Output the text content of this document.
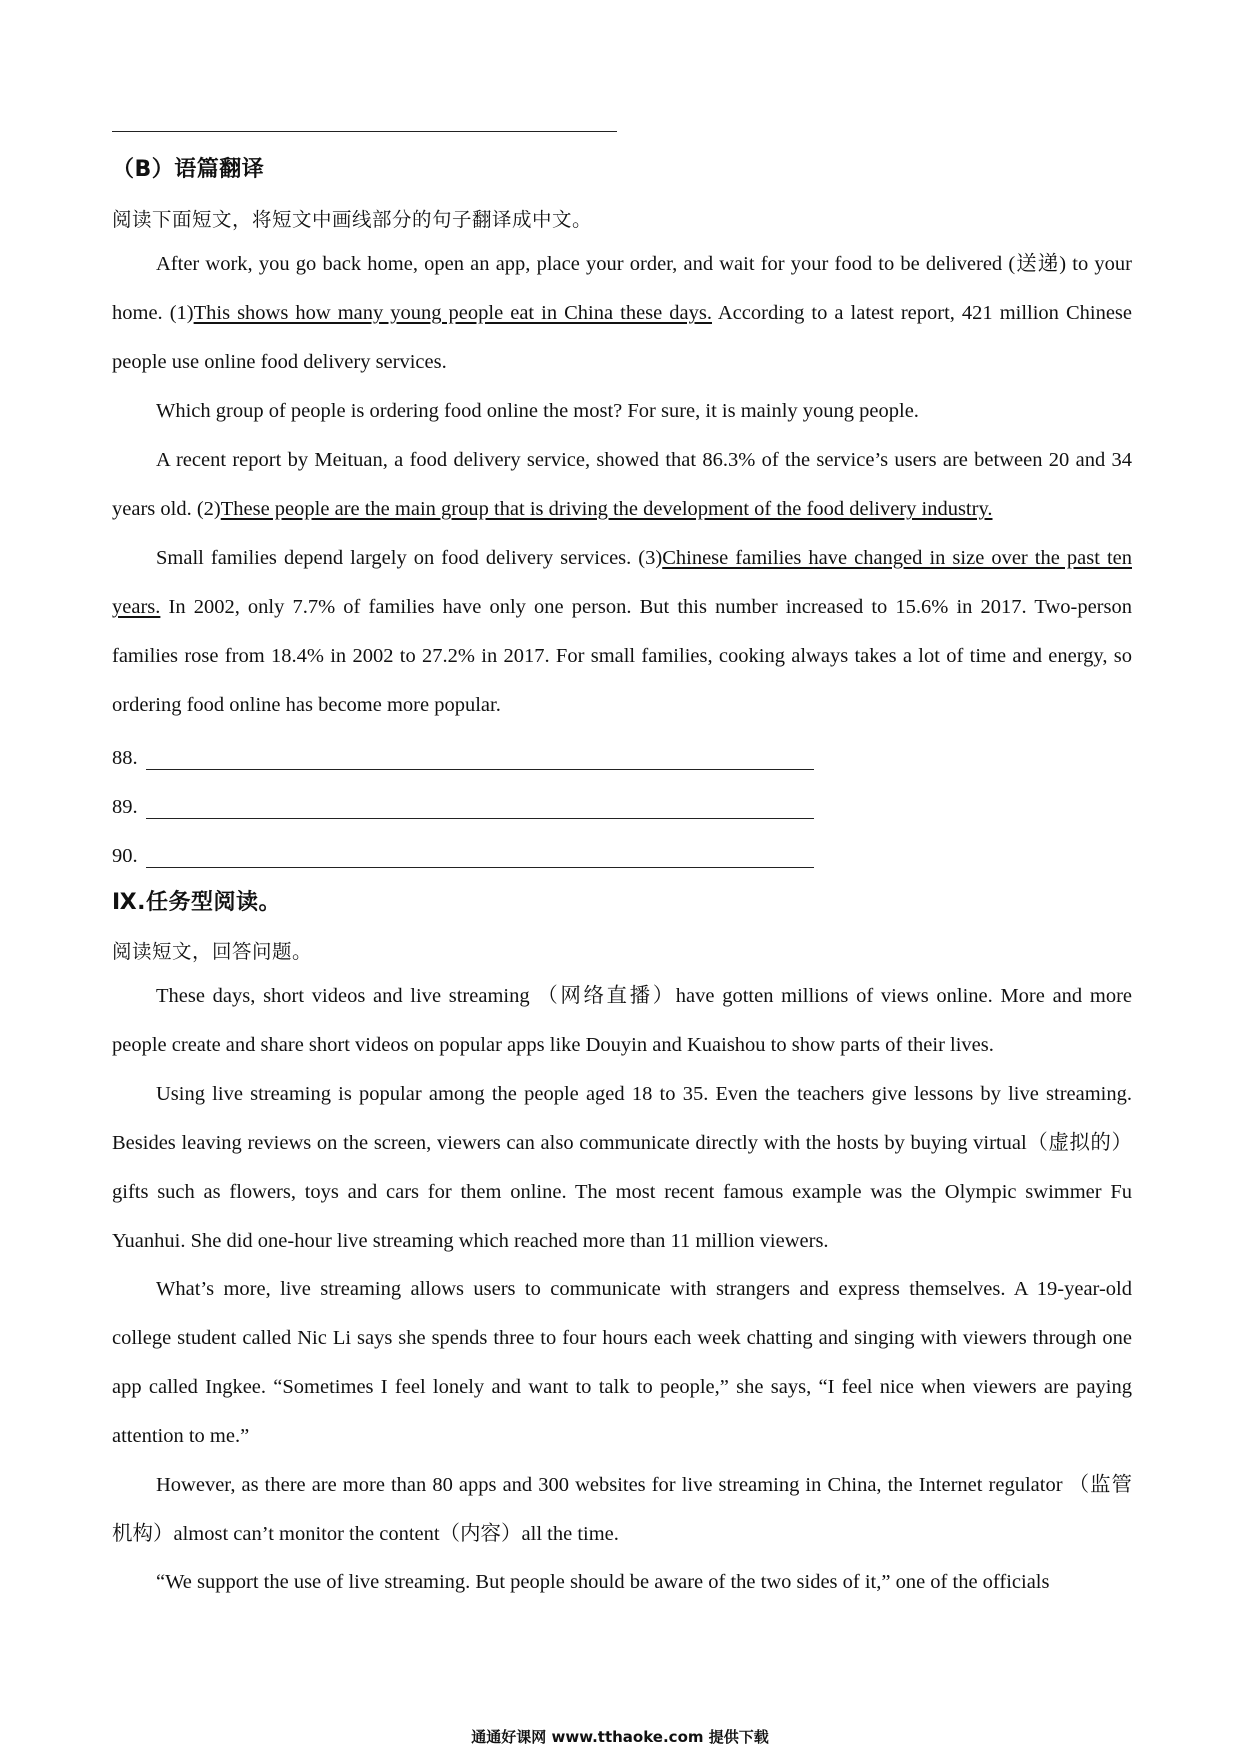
（B）语篇翻译
阅读下面短文，将短文中画线部分的句子翻译成中文。

After work, you go back home, open an app, place your order, and wait for your food to be delivered (送递) to your home. (1)This shows how many young people eat in China these days. According to a latest report, 421 million Chinese people use online food delivery services.

Which group of people is ordering food online the most? For sure, it is mainly young people.

A recent report by Meituan, a food delivery service, showed that 86.3% of the service’s users are between 20 and 34 years old. (2)These people are the main group that is driving the development of the food delivery industry.

Small families depend largely on food delivery services. (3)Chinese families have changed in size over the past ten years. In 2002, only 7.7% of families have only one person. But this number increased to 15.6% in 2017. Two-person families rose from 18.4% in 2002 to 27.2% in 2017. For small families, cooking always takes a lot of time and energy, so ordering food online has become more popular.

88.
89.
90.
Ⅸ.任务型阅读。
阅读短文，回答问题。

These days, short videos and live streaming （网络直播）have gotten millions of views online. More and more people create and share short videos on popular apps like Douyin and Kuaishou to show parts of their lives.

Using live streaming is popular among the people aged 18 to 35. Even the teachers give lessons by live streaming. Besides leaving reviews on the screen, viewers can also communicate directly with the hosts by buying virtual（虚拟的）gifts such as flowers, toys and cars for them online. The most recent famous example was the Olympic swimmer Fu Yuanhui. She did one-hour live streaming which reached more than 11 million viewers.

What’s more, live streaming allows users to communicate with strangers and express themselves. A 19-year-old college student called Nic Li says she spends three to four hours each week chatting and singing with viewers through one app called Ingkee. “Sometimes I feel lonely and want to talk to people,” she says, “I feel nice when viewers are paying attention to me.”

However, as there are more than 80 apps and 300 websites for live streaming in China, the Internet regulator （监管机构）almost can’t monitor the content（内容）all the time.

“We support the use of live streaming. But people should be aware of the two sides of it,” one of the officials

通通好课网 www.tthaoke.com 提供下载
